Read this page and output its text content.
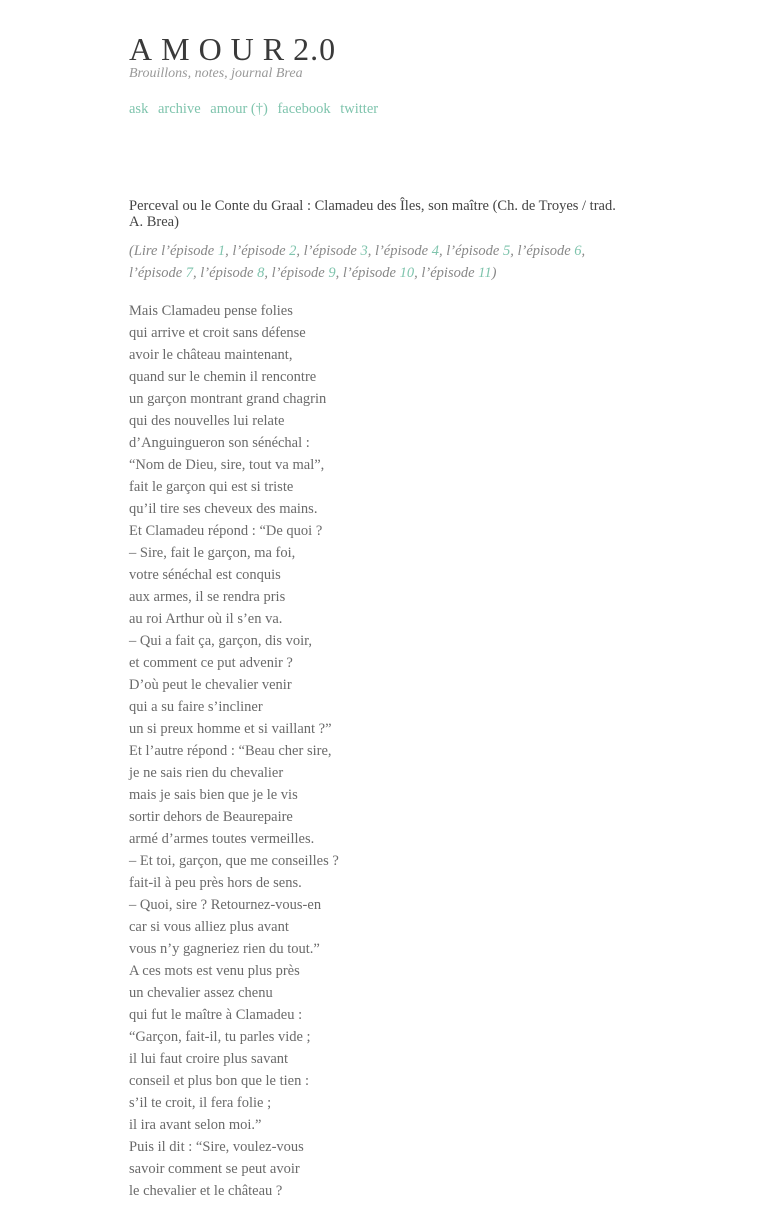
AMOUR2.0
Brouillons, notes, journal Brea
ask archive amour (†) facebook twitter
Perceval ou le Conte du Graal : Clamadeu des Îles, son maître (Ch. de Troyes / trad. A. Brea)
(Lire l’épisode 1, l’épisode 2, l’épisode 3, l’épisode 4, l’épisode 5, l’épisode 6, l’épisode 7, l’épisode 8, l’épisode 9, l’épisode 10, l’épisode 11)
Mais Clamadeu pense folies
qui arrive et croit sans défense
avoir le château maintenant,
quand sur le chemin il rencontre
un garçon montrant grand chagrin
qui des nouvelles lui relate
d’Anguingueron son sénéchal :
“Nom de Dieu, sire, tout va mal”,
fait le garçon qui est si triste
qu’il tire ses cheveux des mains.
Et Clamadeu répond : “De quoi ?
– Sire, fait le garçon, ma foi,
votre sénéchal est conquis
aux armes, il se rendra pris
au roi Arthur où il s’en va.
– Qui a fait ça, garçon, dis voir,
et comment ce put advenir ?
D’où peut le chevalier venir
qui a su faire s’incliner
un si preux homme et si vaillant ?”
Et l’autre répond : “Beau cher sire,
je ne sais rien du chevalier
mais je sais bien que je le vis
sortir dehors de Beaurepaire
armé d’armes toutes vermeilles.
– Et toi, garçon, que me conseilles ?
fait-il à peu près hors de sens.
– Quoi, sire ? Retournez-vous-en
car si vous alliez plus avant
vous n’y gagneriez rien du tout.”
A ces mots est venu plus près
un chevalier assez chenu
qui fut le maître à Clamadeu :
“Garçon, fait-il, tu parles vide ;
il lui faut croire plus savant
conseil et plus bon que le tien :
s’il te croit, il fera folie ;
il ira avant selon moi.”
Puis il dit : “Sire, voulez-vous
savoir comment se peut avoir
le chevalier et le château ?
